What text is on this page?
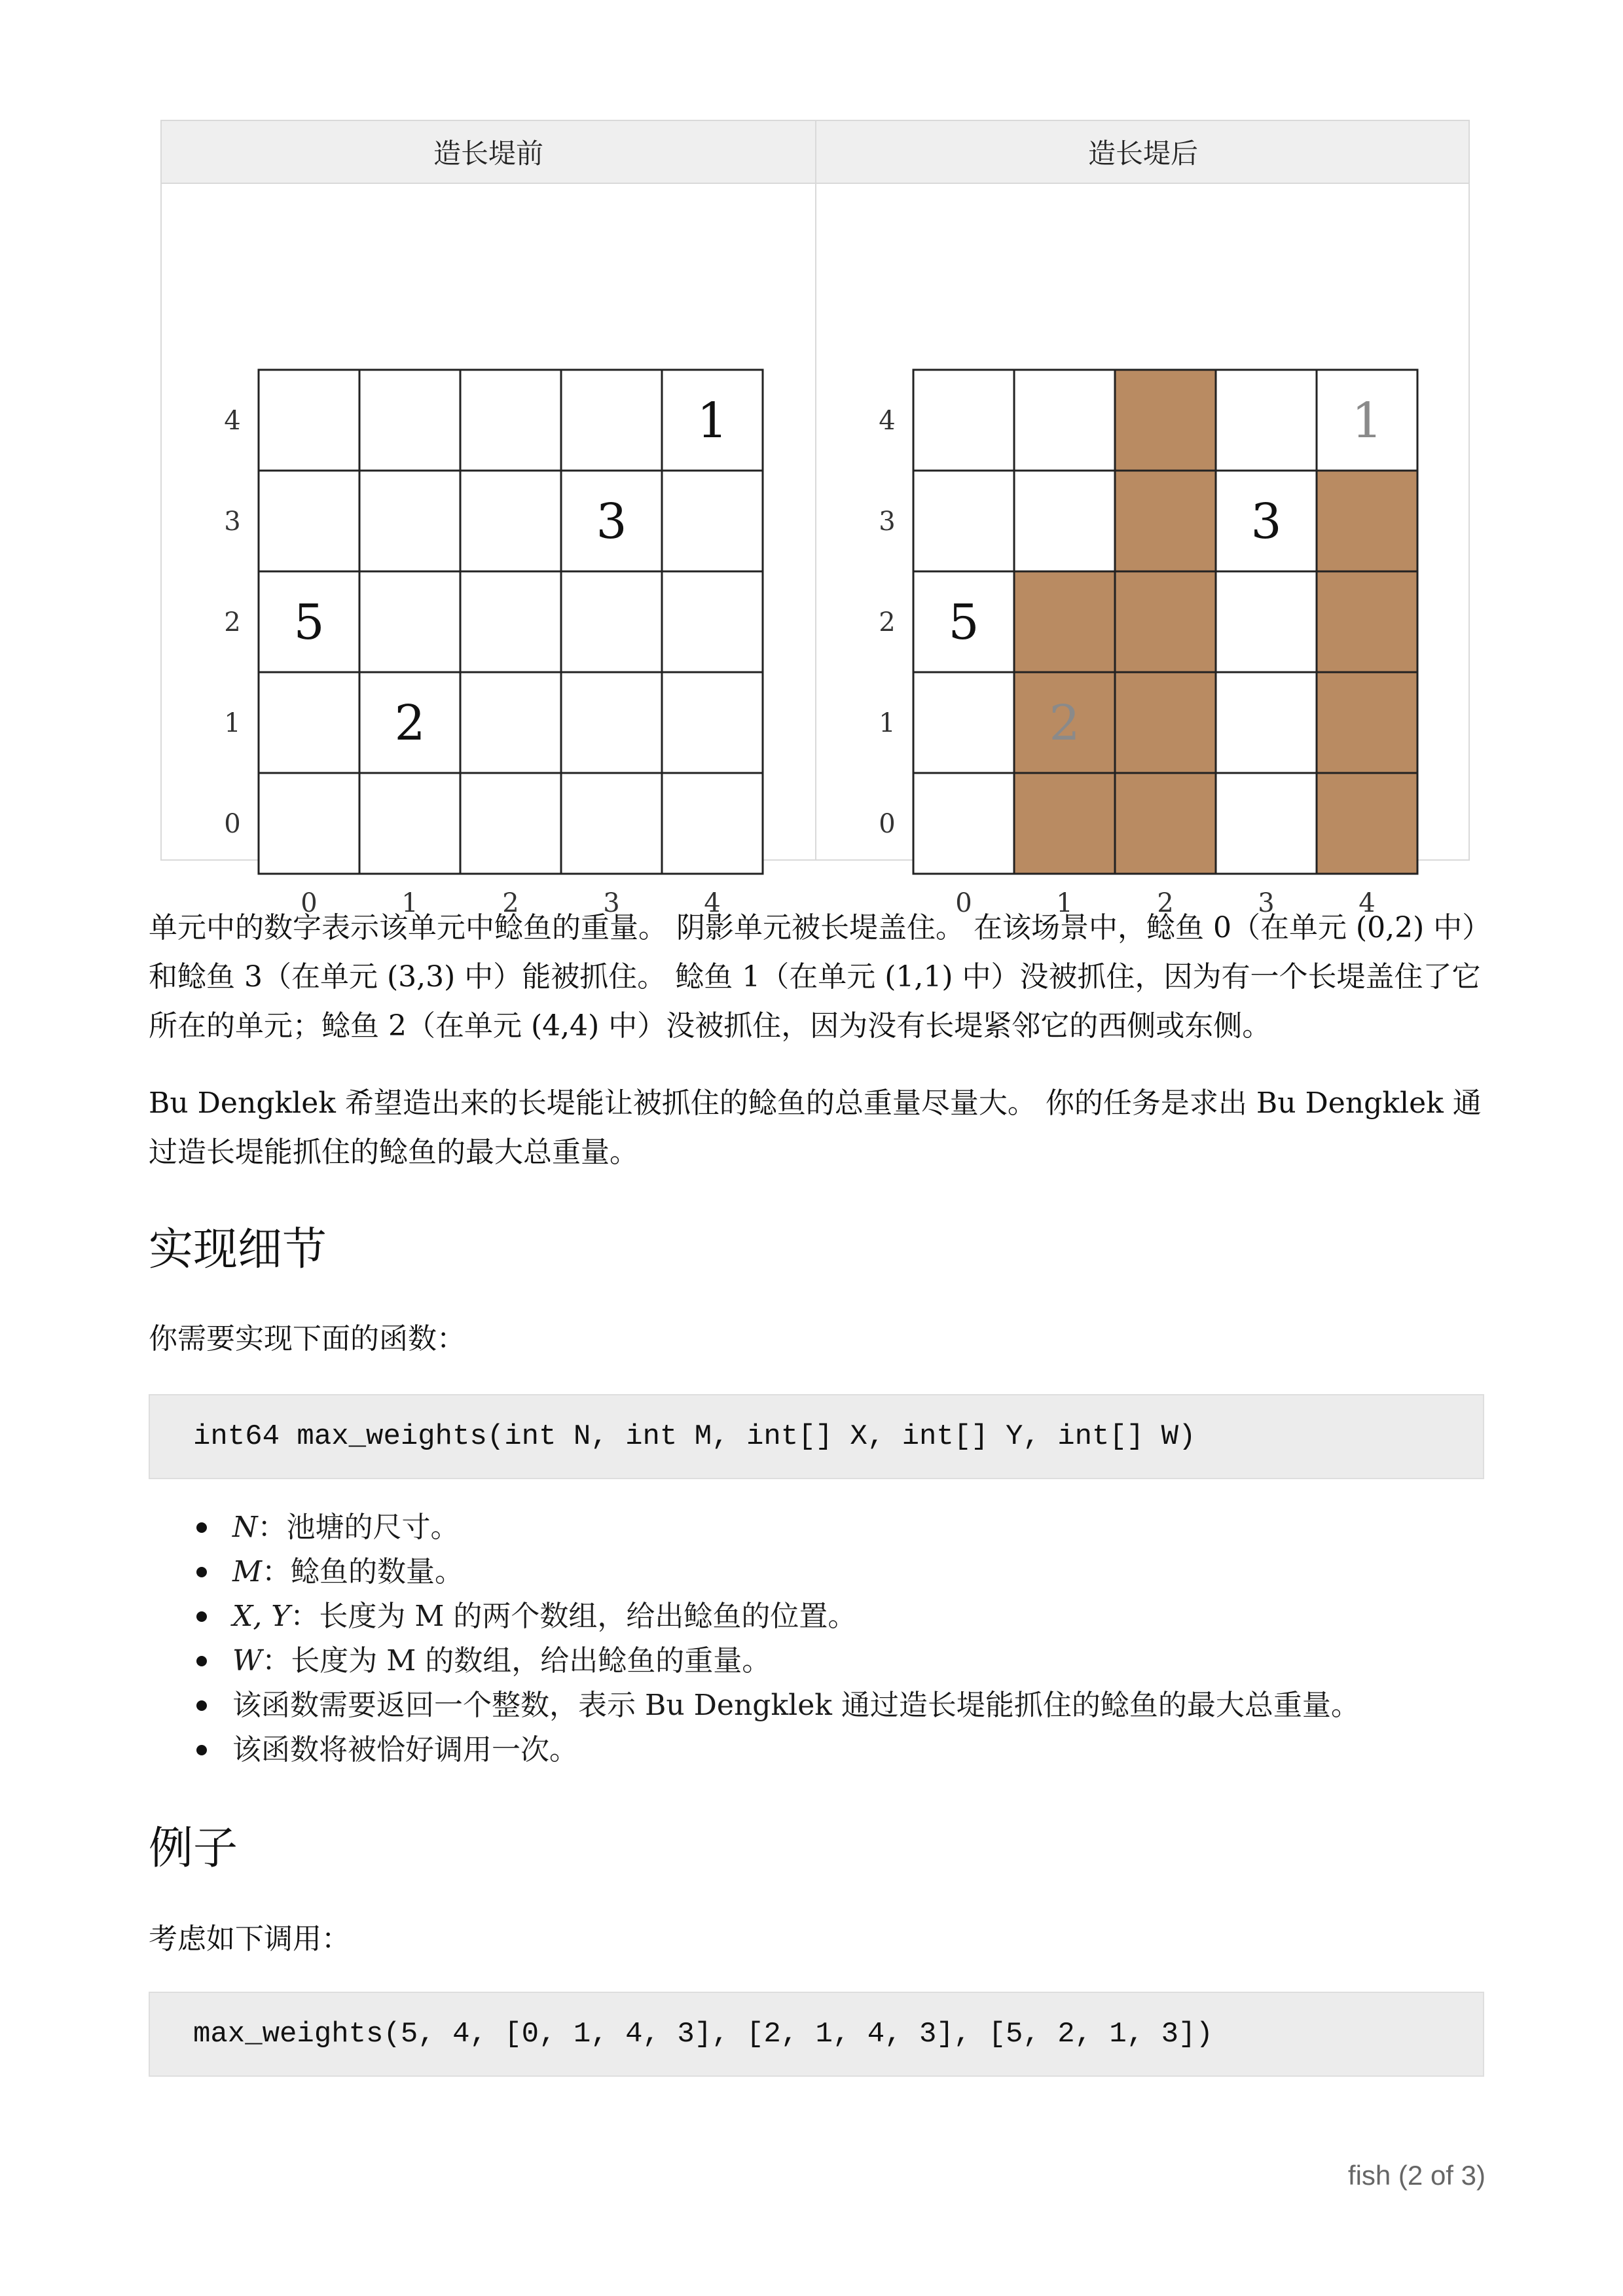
造长堤前	造长堤后
0
1
2
3
4
0	1	2	3	4
5
2
3
1
0
1
2
3
4
0	1	2	3	4
5
2
3
1

单元中的数字表示该单元中鲶鱼的重量。 阴影单元被长堤盖住。 在该场景中，鲶鱼 0（在单元 (0,2) 中）和鲶鱼 3（在单元 (3,3) 中）能被抓住。 鲶鱼 1（在单元 (1,1) 中）没被抓住，因为有一个长堤盖住了它所在的单元；鲶鱼 2（在单元 (4,4) 中）没被抓住，因为没有长堤紧邻它的西侧或东侧。

Bu Dengklek 希望造出来的长堤能让被抓住的鲶鱼的总重量尽量大。 你的任务是求出 Bu Dengklek 通过造长堤能抓住的鲶鱼的最大总重量。

实现细节

你需要实现下面的函数：

int64 max_weights(int N, int M, int[] X, int[] Y, int[] W)
N：池塘的尺寸。
M：鲶鱼的数量。
X, Y：长度为 M 的两个数组，给出鲶鱼的位置。
W：长度为 M 的数组，给出鲶鱼的重量。
该函数需要返回一个整数，表示 Bu Dengklek 通过造长堤能抓住的鲶鱼的最大总重量。
该函数将被恰好调用一次。
例子

考虑如下调用：

max_weights(5, 4, [0, 1, 4, 3], [2, 1, 4, 3], [5, 2, 1, 3])
fish (2 of 3)
